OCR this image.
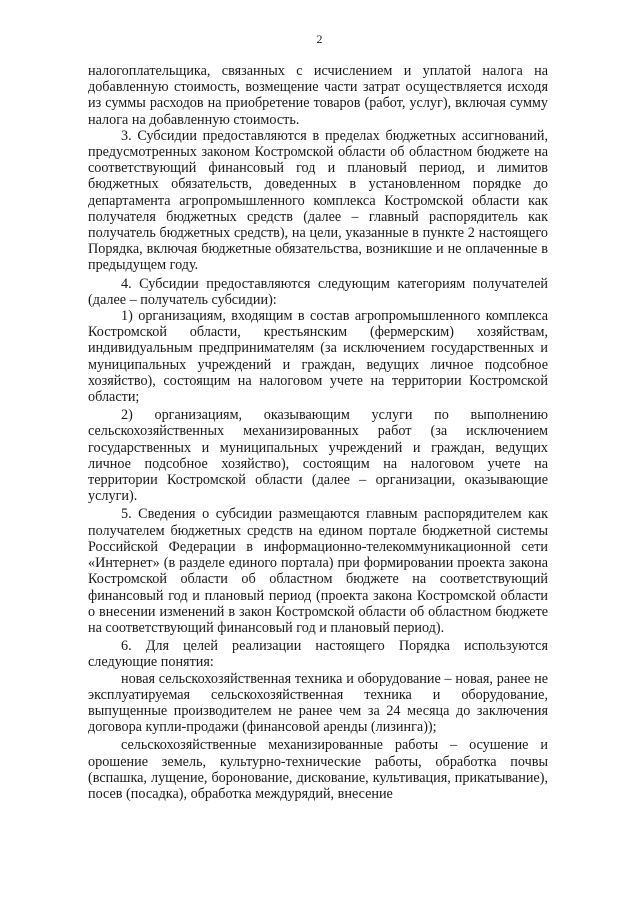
2

налогоплательщика, связанных с исчислением и уплатой налога на добавленную стоимость, возмещение части затрат осуществляется исходя из суммы расходов на приобретение товаров (работ, услуг), включая сумму налога на добавленную стоимость.

3. Субсидии предоставляются в пределах бюджетных ассигнований, предусмотренных законом Костромской области об областном бюджете на соответствующий финансовый год и плановый период, и лимитов бюджетных обязательств, доведенных в установленном порядке до департамента агропромышленного комплекса Костромской области как получателя бюджетных средств (далее – главный распорядитель как получатель бюджетных средств), на цели, указанные в пункте 2 настоящего Порядка, включая бюджетные обязательства, возникшие и не оплаченные в предыдущем году.

4. Субсидии предоставляются следующим категориям получателей (далее – получатель субсидии):

1) организациям, входящим в состав агропромышленного комплекса Костромской области, крестьянским (фермерским) хозяйствам, индивидуальным предпринимателям (за исключением государственных и муниципальных учреждений и граждан, ведущих личное подсобное хозяйство), состоящим на налоговом учете на территории Костромской области;

2) организациям, оказывающим услуги по выполнению сельскохозяйственных механизированных работ (за исключением государственных и муниципальных учреждений и граждан, ведущих личное подсобное хозяйство), состоящим на налоговом учете на территории Костромской области (далее – организации, оказывающие услуги).

5. Сведения о субсидии размещаются главным распорядителем как получателем бюджетных средств на едином портале бюджетной системы Российской Федерации в информационно-телекоммуникационной сети «Интернет» (в разделе единого портала) при формировании проекта закона Костромской области об областном бюджете на соответствующий финансовый год и плановый период (проекта закона Костромской области о внесении изменений в закон Костромской области об областном бюджете на соответствующий финансовый год и плановый период).

6. Для целей реализации настоящего Порядка используются следующие понятия:

новая сельскохозяйственная техника и оборудование – новая, ранее не эксплуатируемая сельскохозяйственная техника и оборудование, выпущенные производителем не ранее чем за 24 месяца до заключения договора купли-продажи (финансовой аренды (лизинга));

сельскохозяйственные механизированные работы – осушение и орошение земель, культурно-технические работы, обработка почвы (вспашка, лущение, боронование, дискование, культивация, прикатывание), посев (посадка), обработка междурядий, внесение
